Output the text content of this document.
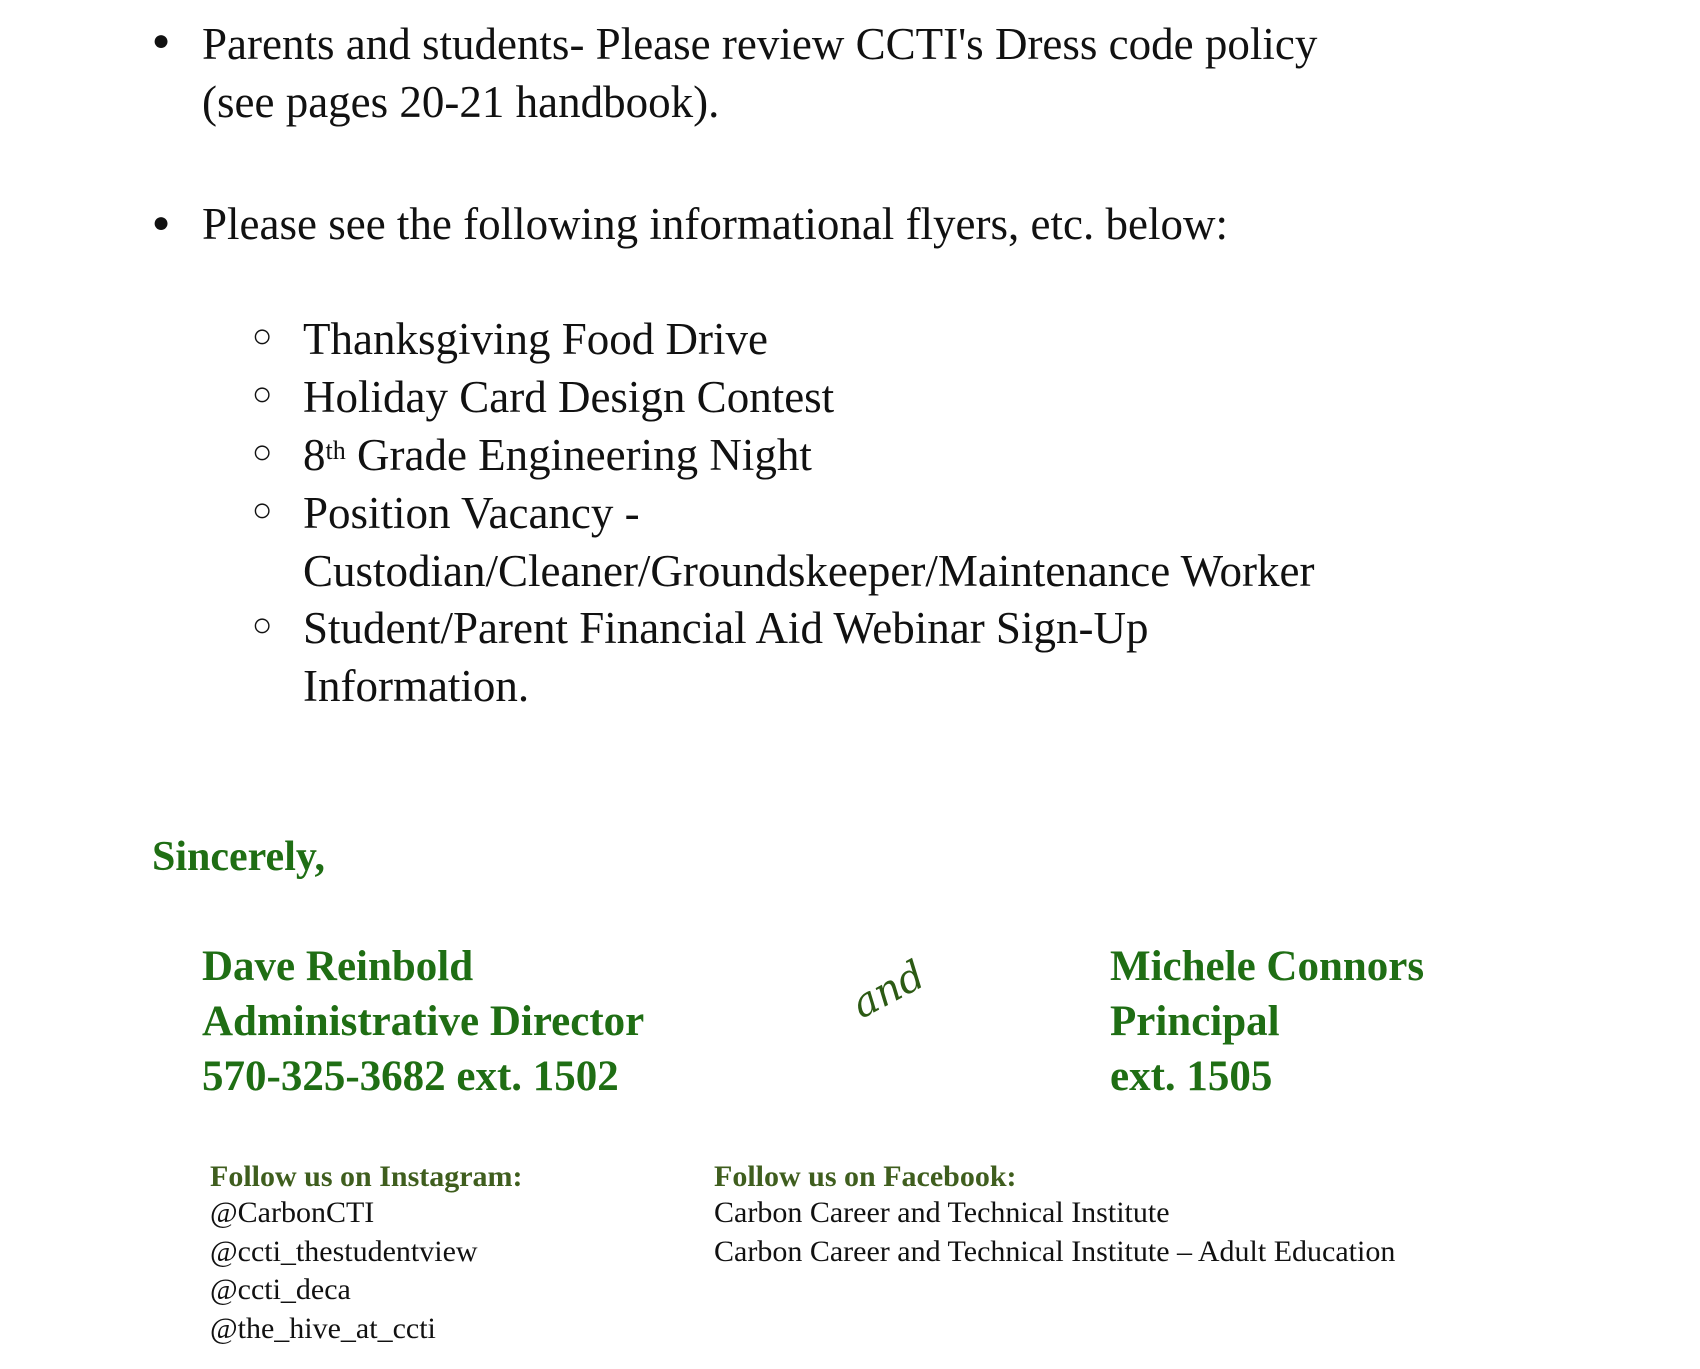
● Parents and students- Please review CCTI's Dress code policy
(see pages 20-21 handbook).
● Please see the following informational flyers, etc. below:
○ Thanksgiving Food Drive
○ Holiday Card Design Contest
○ 8th Grade Engineering Night
○ Position Vacancy -
Custodian/Cleaner/Groundskeeper/Maintenance Worker
○ Student/Parent Financial Aid Webinar Sign-Up
Information.
Sincerely,
Dave Reinbold
Administrative Director
570-325-3682 ext. 1502
and	Michele Connors
Principal
ext. 1505
Follow us on Instagram:
@CarbonCTI
@ccti_thestudentview
@ccti_deca
@the_hive_at_ccti
Follow us on Facebook:
Carbon Career and Technical Institute
Carbon Career and Technical Institute – Adult Education
